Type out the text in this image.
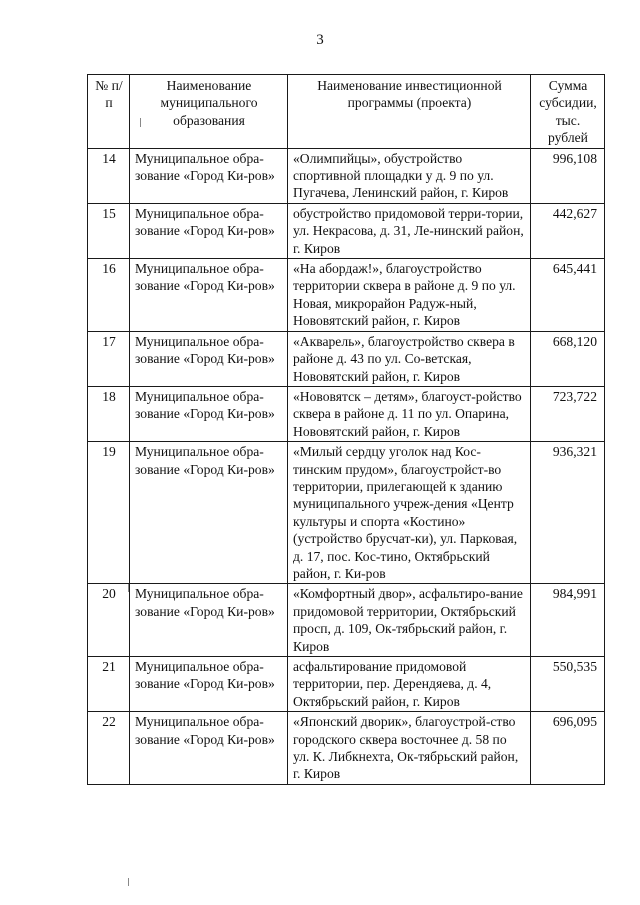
3
№ п/п	Наименование муниципального образования	Наименование инвестиционной программы (проекта)	Сумма субсидии, тыс. рублей
14	Муниципальное обра-зование «Город Ки-ров»	«Олимпийцы», обустройство спортивной площадки у д. 9 по ул. Пугачева, Ленинский район, г. Киров	996,108
15	Муниципальное обра-зование «Город Ки-ров»	обустройство придомовой терри-тории, ул. Некрасова, д. 31, Ле-нинский район, г. Киров	442,627
16	Муниципальное обра-зование «Город Ки-ров»	«На абордаж!», благоустройство территории сквера в районе д. 9 по ул. Новая, микрорайон Радуж-ный, Нововятский район, г. Киров	645,441
17	Муниципальное обра-зование «Город Ки-ров»	«Акварель», благоустройство сквера в районе д. 43 по ул. Со-ветская, Нововятский район, г. Киров	668,120
18	Муниципальное обра-зование «Город Ки-ров»	«Нововятск – детям», благоуст-ройство сквера в районе д. 11 по ул. Опарина, Нововятский район, г. Киров	723,722
19	Муниципальное обра-зование «Город Ки-ров»	«Милый сердцу уголок над Кос-тинским прудом», благоустройст-во территории, прилегающей к зданию муниципального учреж-дения «Центр культуры и спорта «Костино» (устройство брусчат-ки), ул. Парковая, д. 17, пос. Кос-тино, Октябрьский район, г. Ки-ров	936,321
20	Муниципальное обра-зование «Город Ки-ров»	«Комфортный двор», асфальтиро-вание придомовой территории, Октябрьский просп, д. 109, Ок-тябрьский район, г. Киров	984,991
21	Муниципальное обра-зование «Город Ки-ров»	асфальтирование придомовой территории, пер. Дерендяева, д. 4, Октябрьский район, г. Киров	550,535
22	Муниципальное обра-зование «Город Ки-ров»	«Японский дворик», благоустрой-ство городского сквера восточнее д. 58 по ул. К. Либкнехта, Ок-тябрьский район, г. Киров	696,095
